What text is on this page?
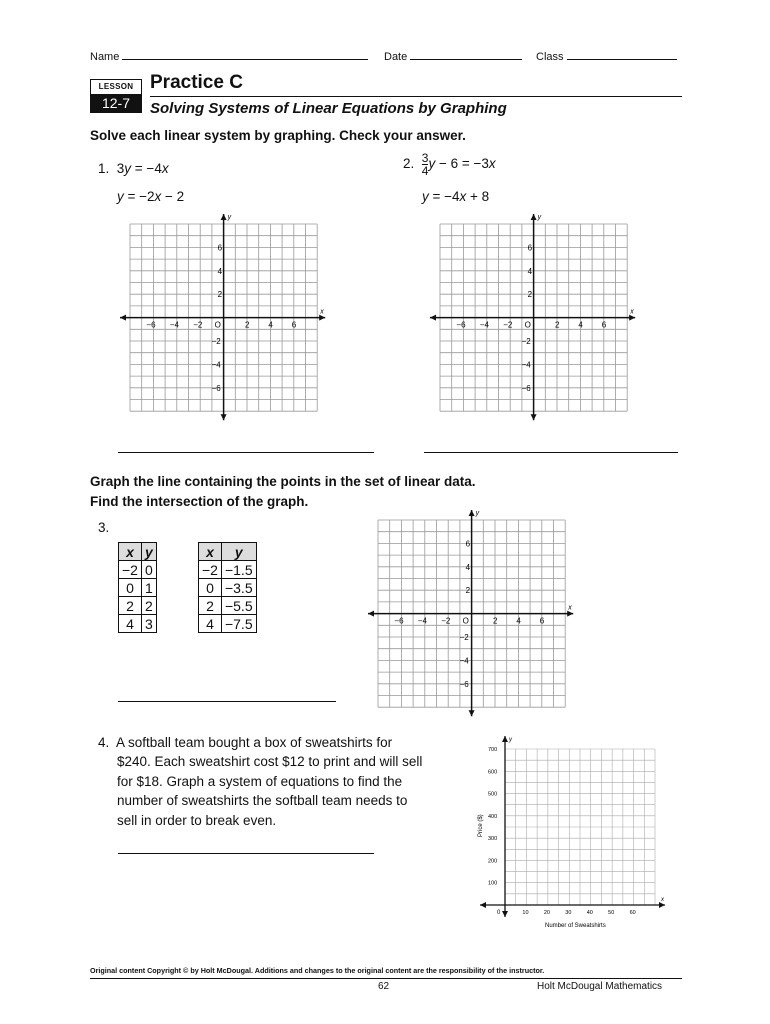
Name	Date	Class
LESSON
12-7
Practice C
Solving Systems of Linear Equations by Graphing
Solve each linear system by graphing. Check your answer.
1. 3y = −4x
y = −2x − 2
2. $\frac{3}{4}$ y − 6 = −3x
y = −4x + 8
x
y
O
−6 −4 −2	2 4 6
6
4
2
−2
−4
−6
x
y
O
−6 −4 −2	2 4 6
6
4
2
−2
−4
−6
Graph the line containing the points in the set of linear data.
Find the intersection of the graph.
3.
x	y
−2	0
0	1
2	2
4	3
x	y
−2	−1.5
0	−3.5
2	−5.5
4	−7.5
x
y
O
−6 −4 −2	2 4 6
6
4
2
−2
−4
−6
4. A softball team bought a box of sweatshirts for
$240. Each sweatshirt cost $12 to print and will sell
for $18. Graph a system of equations to find the
number of sweatshirts the softball team needs to
sell in order to break even.
x
y
0	10	20	30	40	50	60
700
600
500
400
300
200
100
Number of Sweatshirts
Price ($)
Original content Copyright © by Holt McDougal. Additions and changes to the original content are the responsibility of the instructor.
62	Holt McDougal Mathematics
